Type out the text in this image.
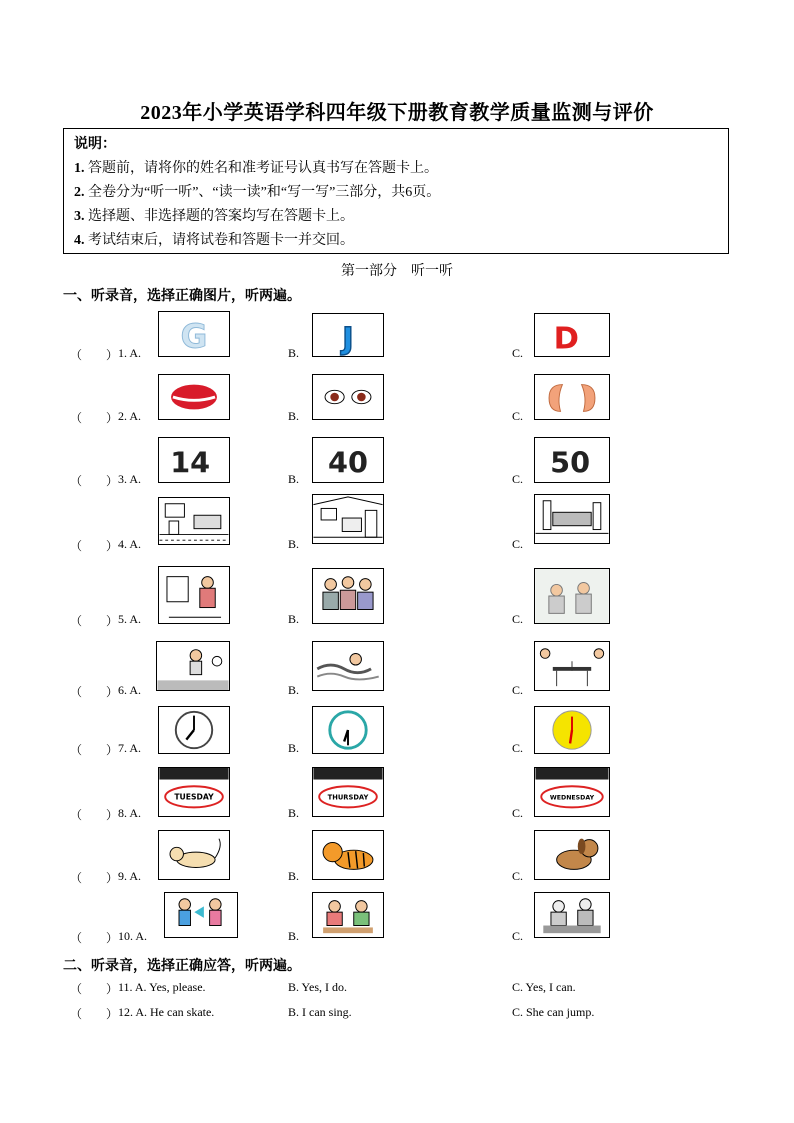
2023年小学英语学科四年级下册教育教学质量监测与评价
说明：
1. 答题前，请将你的姓名和准考证号认真书写在答题卡上。
2. 全卷分为“听一听”、“读一读”和“写一写”三部分，共6页。
3. 选择题、非选择题的答案均写在答题卡上。
4. 考试结束后，请将试卷和答题卡一并交回。
第一部分　听一听
一、听录音，选择正确图片，听两遍。
（　　） 1. A.	B.	C.
G	J	D
（　　） 2. A.	B.	C.
（　　） 3. A.	B.	C.
14	40	50
（　　） 4. A.	B.	C.
（　　） 5. A.	B.	C.
（　　） 6. A.	B.	C.
（　　） 7. A.	B.	C.
（　　） 8. A.	B.	C.
TUESDAY	THURSDAY	WEDNESDAY
（　　） 9. A.	B.	C.
（　　） 10. A.	B.	C.
二、听录音，选择正确应答，听两遍。
（　　） 11. A. Yes, please.	B. Yes, I do.	C. Yes, I can.
（　　） 12. A. He can skate.	B. I can sing.	C. She can jump.
